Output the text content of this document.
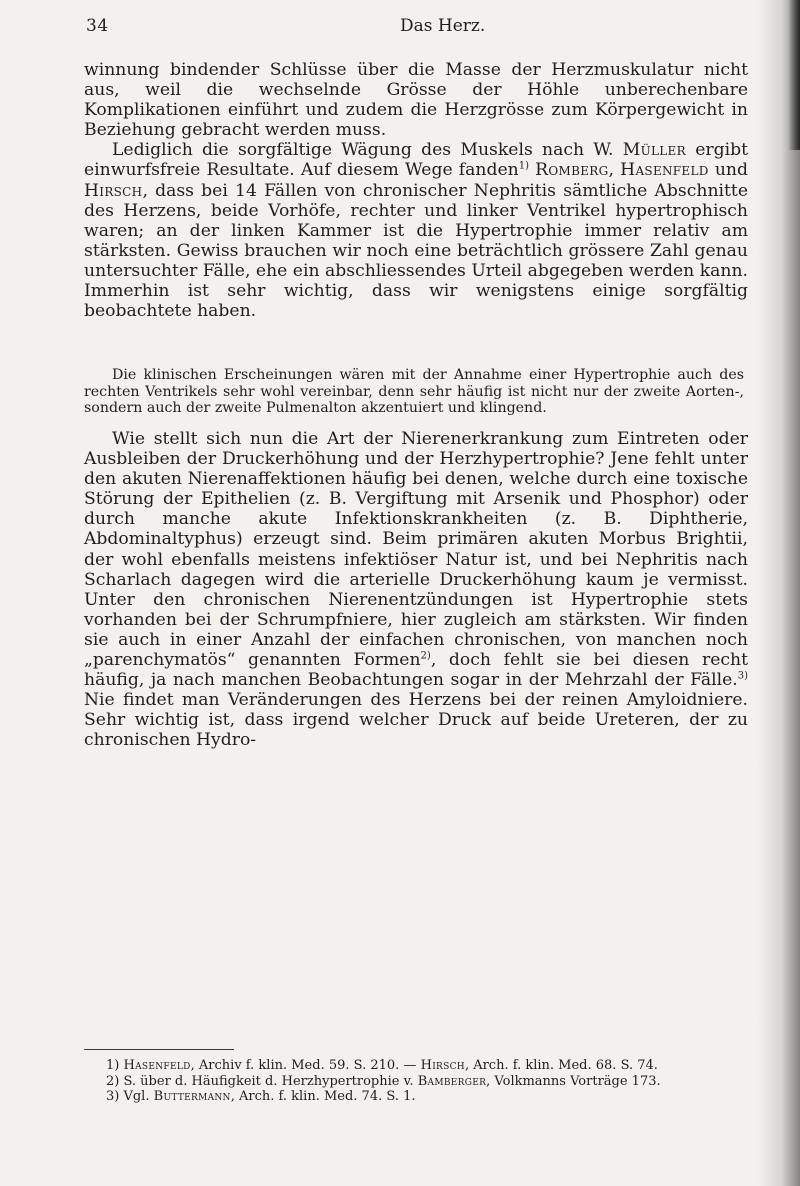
34	Das Herz.

winnung bindender Schlüsse über die Masse der Herzmuskulatur nicht aus, weil die wechselnde Grösse der Höhle unberechenbare Komplikationen einführt und zudem die Herzgrösse zum Körpergewicht in Beziehung gebracht werden muss.

Lediglich die sorgfältige Wägung des Muskels nach W. Müller ergibt einwurfsfreie Resultate. Auf diesem Wege fanden$^{1)}$ Romberg, Hasenfeld und Hirsch, dass bei 14 Fällen von chronischer Nephritis sämtliche Abschnitte des Herzens, beide Vorhöfe, rechter und linker Ventrikel hypertrophisch waren; an der linken Kammer ist die Hypertrophie immer relativ am stärksten. Gewiss brauchen wir noch eine beträchtlich grössere Zahl genau untersuchter Fälle, ehe ein abschliessendes Urteil abgegeben werden kann. Immerhin ist sehr wichtig, dass wir wenigstens einige sorgfältig beobachtete haben.

Die klinischen Erscheinungen wären mit der Annahme einer Hypertrophie auch des rechten Ventrikels sehr wohl vereinbar, denn sehr häufig ist nicht nur der zweite Aorten-, sondern auch der zweite Pulmenalton akzentuiert und klingend.

Wie stellt sich nun die Art der Nierenerkrankung zum Eintreten oder Ausbleiben der Druckerhöhung und der Herzhypertrophie? Jene fehlt unter den akuten Nierenaffektionen häufig bei denen, welche durch eine toxische Störung der Epithelien (z. B. Vergiftung mit Arsenik und Phosphor) oder durch manche akute Infektionskrankheiten (z. B. Diphtherie, Abdominaltyphus) erzeugt sind. Beim primären akuten Morbus Brightii, der wohl ebenfalls meistens infektiöser Natur ist, und bei Nephritis nach Scharlach dagegen wird die arterielle Druckerhöhung kaum je vermisst. Unter den chronischen Nierenentzündungen ist Hypertrophie stets vorhanden bei der Schrumpfniere, hier zugleich am stärksten. Wir finden sie auch in einer Anzahl der einfachen chronischen, von manchen noch „parenchymatös“ genannten Formen$^{2)}$, doch fehlt sie bei diesen recht häufig, ja nach manchen Beobachtungen sogar in der Mehrzahl der Fälle.$^{3)}$ Nie findet man Veränderungen des Herzens bei der reinen Amyloidniere. Sehr wichtig ist, dass irgend welcher Druck auf beide Ureteren, der zu chronischen Hydro-

1) Hasenfeld, Archiv f. klin. Med. 59. S. 210. — Hirsch, Arch. f. klin. Med. 68. S. 74.

2) S. über d. Häufigkeit d. Herzhypertrophie v. Bamberger, Volkmanns Vorträge 173.

3) Vgl. Buttermann, Arch. f. klin. Med. 74. S. 1.
